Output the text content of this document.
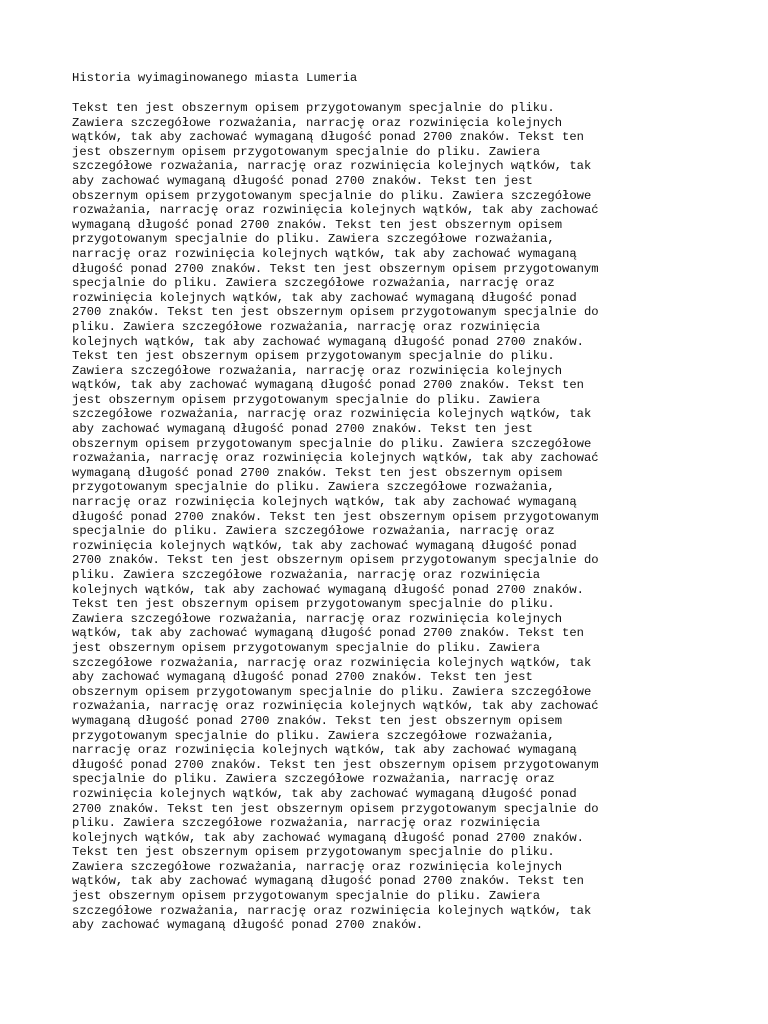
Historia wyimaginowanego miasta Lumeria
Tekst ten jest obszernym opisem przygotowanym specjalnie do pliku.
Zawiera szczegółowe rozważania, narrację oraz rozwinięcia kolejnych
wątków, tak aby zachować wymaganą długość ponad 2700 znaków. Tekst ten
jest obszernym opisem przygotowanym specjalnie do pliku. Zawiera
szczegółowe rozważania, narrację oraz rozwinięcia kolejnych wątków, tak
aby zachować wymaganą długość ponad 2700 znaków. Tekst ten jest
obszernym opisem przygotowanym specjalnie do pliku. Zawiera szczegółowe
rozważania, narrację oraz rozwinięcia kolejnych wątków, tak aby zachować
wymaganą długość ponad 2700 znaków. Tekst ten jest obszernym opisem
przygotowanym specjalnie do pliku. Zawiera szczegółowe rozważania,
narrację oraz rozwinięcia kolejnych wątków, tak aby zachować wymaganą
długość ponad 2700 znaków. Tekst ten jest obszernym opisem przygotowanym
specjalnie do pliku. Zawiera szczegółowe rozważania, narrację oraz
rozwinięcia kolejnych wątków, tak aby zachować wymaganą długość ponad
2700 znaków. Tekst ten jest obszernym opisem przygotowanym specjalnie do
pliku. Zawiera szczegółowe rozważania, narrację oraz rozwinięcia
kolejnych wątków, tak aby zachować wymaganą długość ponad 2700 znaków.
Tekst ten jest obszernym opisem przygotowanym specjalnie do pliku.
Zawiera szczegółowe rozważania, narrację oraz rozwinięcia kolejnych
wątków, tak aby zachować wymaganą długość ponad 2700 znaków. Tekst ten
jest obszernym opisem przygotowanym specjalnie do pliku. Zawiera
szczegółowe rozważania, narrację oraz rozwinięcia kolejnych wątków, tak
aby zachować wymaganą długość ponad 2700 znaków. Tekst ten jest
obszernym opisem przygotowanym specjalnie do pliku. Zawiera szczegółowe
rozważania, narrację oraz rozwinięcia kolejnych wątków, tak aby zachować
wymaganą długość ponad 2700 znaków. Tekst ten jest obszernym opisem
przygotowanym specjalnie do pliku. Zawiera szczegółowe rozważania,
narrację oraz rozwinięcia kolejnych wątków, tak aby zachować wymaganą
długość ponad 2700 znaków. Tekst ten jest obszernym opisem przygotowanym
specjalnie do pliku. Zawiera szczegółowe rozważania, narrację oraz
rozwinięcia kolejnych wątków, tak aby zachować wymaganą długość ponad
2700 znaków. Tekst ten jest obszernym opisem przygotowanym specjalnie do
pliku. Zawiera szczegółowe rozważania, narrację oraz rozwinięcia
kolejnych wątków, tak aby zachować wymaganą długość ponad 2700 znaków.
Tekst ten jest obszernym opisem przygotowanym specjalnie do pliku.
Zawiera szczegółowe rozważania, narrację oraz rozwinięcia kolejnych
wątków, tak aby zachować wymaganą długość ponad 2700 znaków. Tekst ten
jest obszernym opisem przygotowanym specjalnie do pliku. Zawiera
szczegółowe rozważania, narrację oraz rozwinięcia kolejnych wątków, tak
aby zachować wymaganą długość ponad 2700 znaków. Tekst ten jest
obszernym opisem przygotowanym specjalnie do pliku. Zawiera szczegółowe
rozważania, narrację oraz rozwinięcia kolejnych wątków, tak aby zachować
wymaganą długość ponad 2700 znaków. Tekst ten jest obszernym opisem
przygotowanym specjalnie do pliku. Zawiera szczegółowe rozważania,
narrację oraz rozwinięcia kolejnych wątków, tak aby zachować wymaganą
długość ponad 2700 znaków. Tekst ten jest obszernym opisem przygotowanym
specjalnie do pliku. Zawiera szczegółowe rozważania, narrację oraz
rozwinięcia kolejnych wątków, tak aby zachować wymaganą długość ponad
2700 znaków. Tekst ten jest obszernym opisem przygotowanym specjalnie do
pliku. Zawiera szczegółowe rozważania, narrację oraz rozwinięcia
kolejnych wątków, tak aby zachować wymaganą długość ponad 2700 znaków.
Tekst ten jest obszernym opisem przygotowanym specjalnie do pliku.
Zawiera szczegółowe rozważania, narrację oraz rozwinięcia kolejnych
wątków, tak aby zachować wymaganą długość ponad 2700 znaków. Tekst ten
jest obszernym opisem przygotowanym specjalnie do pliku. Zawiera
szczegółowe rozważania, narrację oraz rozwinięcia kolejnych wątków, tak
aby zachować wymaganą długość ponad 2700 znaków.
